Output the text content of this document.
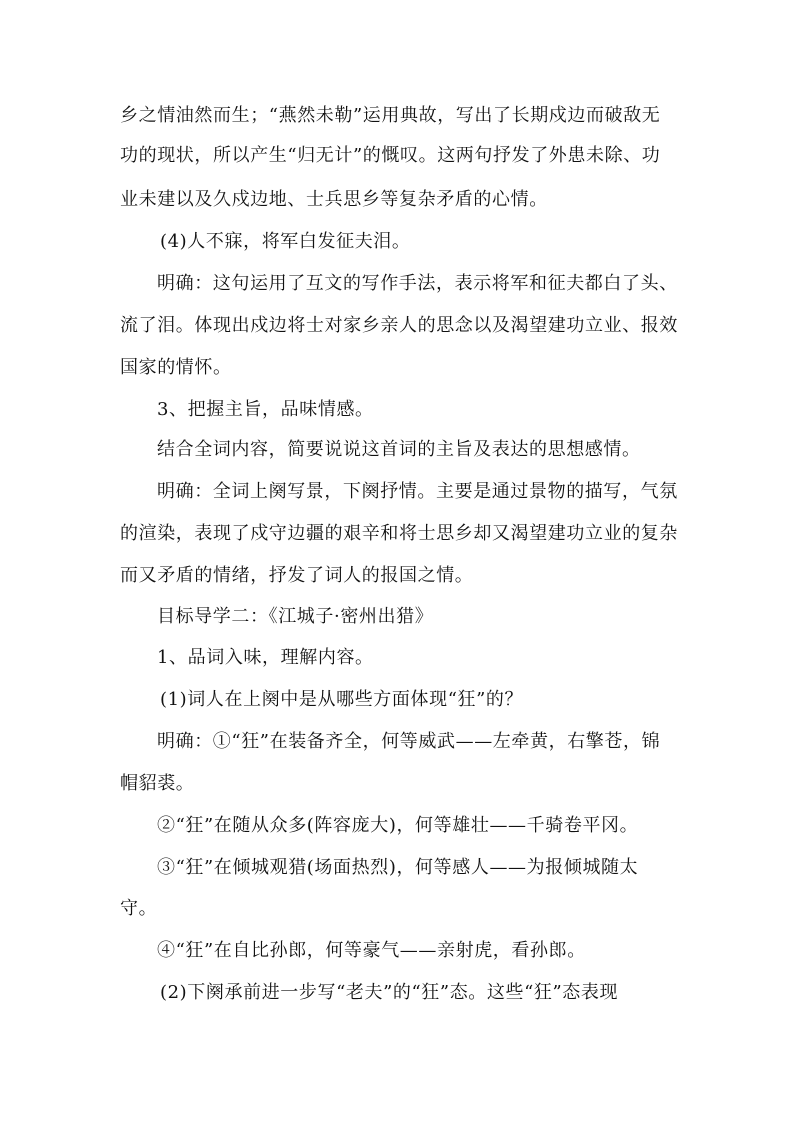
乡之情油然而生；“燕然未勒”运用典故，写出了长期戍边而破敌无
功的现状，所以产生“归无计”的慨叹。这两句抒发了外患未除、功
业未建以及久戍边地、士兵思乡等复杂矛盾的心情。
(4)人不寐，将军白发征夫泪。
明确：这句运用了互文的写作手法，表示将军和征夫都白了头、
流了泪。体现出戍边将士对家乡亲人的思念以及渴望建功立业、报效
国家的情怀。
3、把握主旨，品味情感。
结合全词内容，简要说说这首词的主旨及表达的思想感情。
明确：全词上阕写景，下阕抒情。主要是通过景物的描写，气氛
的渲染，表现了戍守边疆的艰辛和将士思乡却又渴望建功立业的复杂
而又矛盾的情绪，抒发了词人的报国之情。
目标导学二：《江城子·密州出猎》
1、品词入味，理解内容。
(1)词人在上阕中是从哪些方面体现“狂”的？
明确：①“狂”在装备齐全，何等威武——左牵黄，右擎苍，锦
帽貂裘。
②“狂”在随从众多(阵容庞大)，何等雄壮——千骑卷平冈。
③“狂”在倾城观猎(场面热烈)，何等感人——为报倾城随太
守。
④“狂”在自比孙郎，何等豪气——亲射虎，看孙郎。
(2)下阕承前进一步写“老夫”的“狂”态。这些“狂”态表现
